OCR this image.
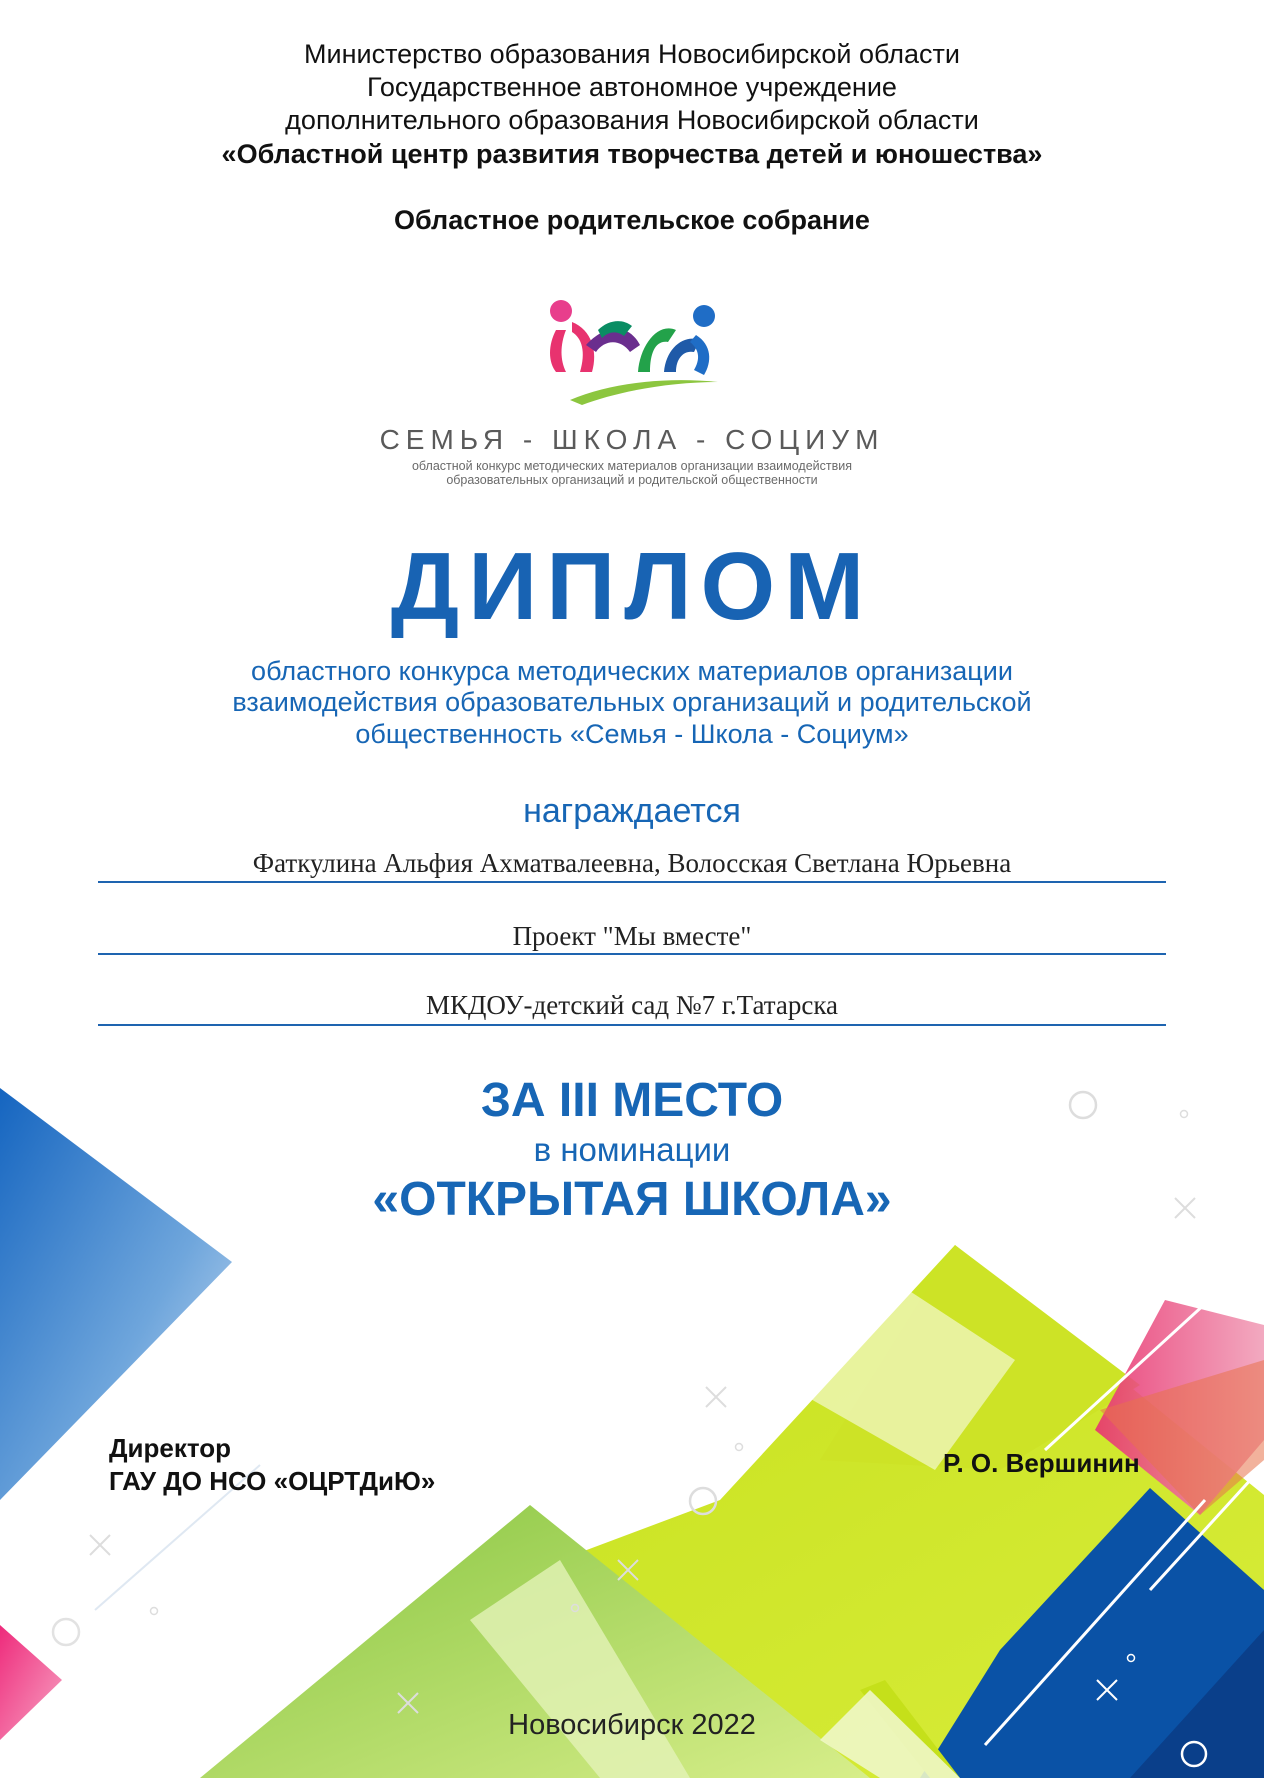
Министерство образования Новосибирской области
Государственное автономное учреждение
дополнительного образования Новосибирской области
«Областной центр развития творчества детей и юношества»
Областное родительское собрание
СЕМЬЯ - ШКОЛА - СОЦИУМ
областной конкурс методических материалов организации взаимодействия
образовательных организаций и родительской общественности
ДИПЛОМ
областного конкурса методических материалов организации
взаимодействия образовательных организаций и родительской
общественность «Семья - Школа - Социум»
награждается
Фаткулина Альфия Ахматвалеевна, Волосская Светлана Юрьевна
Проект "Мы вместе"
МКДОУ-детский сад №7 г.Татарска
ЗА III МЕСТО
в номинации
«ОТКРЫТАЯ ШКОЛА»
Директор
ГАУ ДО НСО «ОЦРТДиЮ»
Р. О. Вершинин
Новосибирск 2022
